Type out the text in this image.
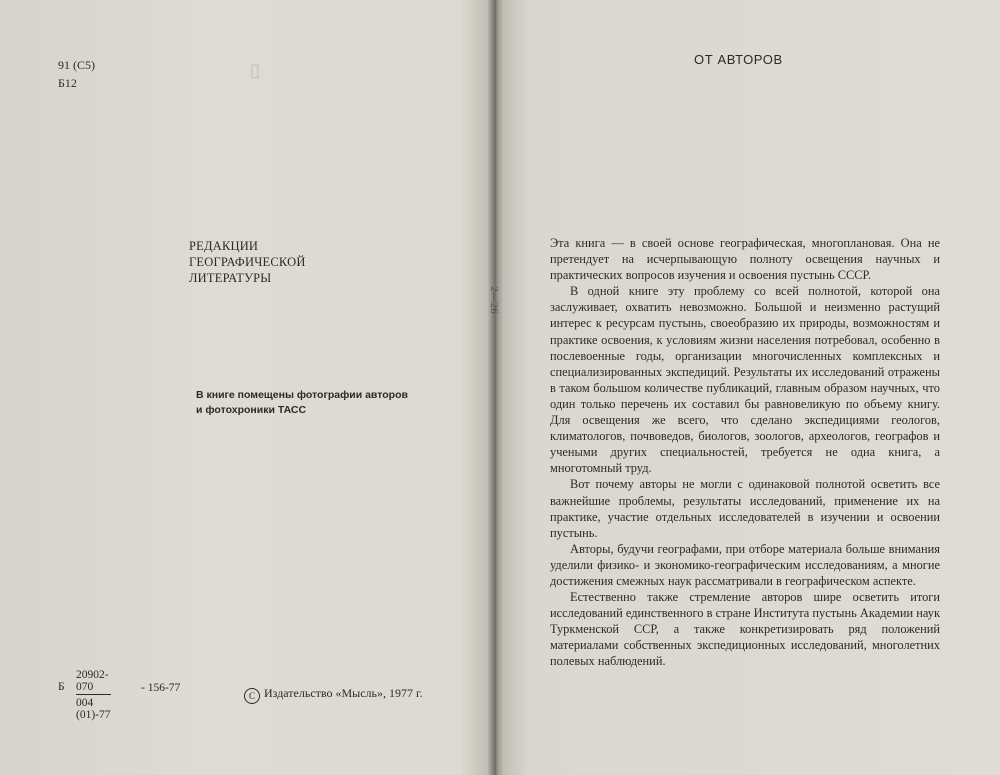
▯
91 (С5)
Б12
РЕДАКЦИИ
ГЕОГРАФИЧЕСКОЙ
ЛИТЕРАТУРЫ
В книге помещены фотографии авторов
и фотохроники ТАСС
Б $\frac{20902-070}{004 (01)-77}$	- 156-77
С Издательство «Мысль», 1977 г.
ОТ АВТОРОВ
2—26

Эта книга — в своей основе географическая, многоплановая. Она не претендует на исчерпывающую полноту освещения научных и практических вопросов изучения и освоения пустынь СССР.

В одной книге эту проблему со всей полнотой, которой она заслуживает, охватить невозможно. Большой и неизменно растущий интерес к ресурсам пустынь, своеобразию их природы, возможностям и практике освоения, к условиям жизни населения потребовал, особенно в послевоенные годы, организации многочисленных комплексных и специализированных экспедиций. Результаты их исследований отражены в таком большом количестве публикаций, главным образом научных, что один только перечень их составил бы равновеликую по объему книгу. Для освещения же всего, что сделано экспедициями геологов, климатологов, почвоведов, биологов, зоологов, археологов, географов и учеными других специальностей, требуется не одна книга, а многотомный труд.

Вот почему авторы не могли с одинаковой полнотой осветить все важнейшие проблемы, результаты исследований, применение их на практике, участие отдельных исследователей в изучении и освоении пустынь.

Авторы, будучи географами, при отборе материала больше внимания уделили физико- и экономико-географическим исследованиям, а многие достижения смежных наук рассматривали в географическом аспекте.

Естественно также стремление авторов шире осветить итоги исследований единственного в стране Института пустынь Академии наук Туркменской ССР, а также конкретизировать ряд положений материалами собственных экспедиционных исследований, многолетних полевых наблюдений.
